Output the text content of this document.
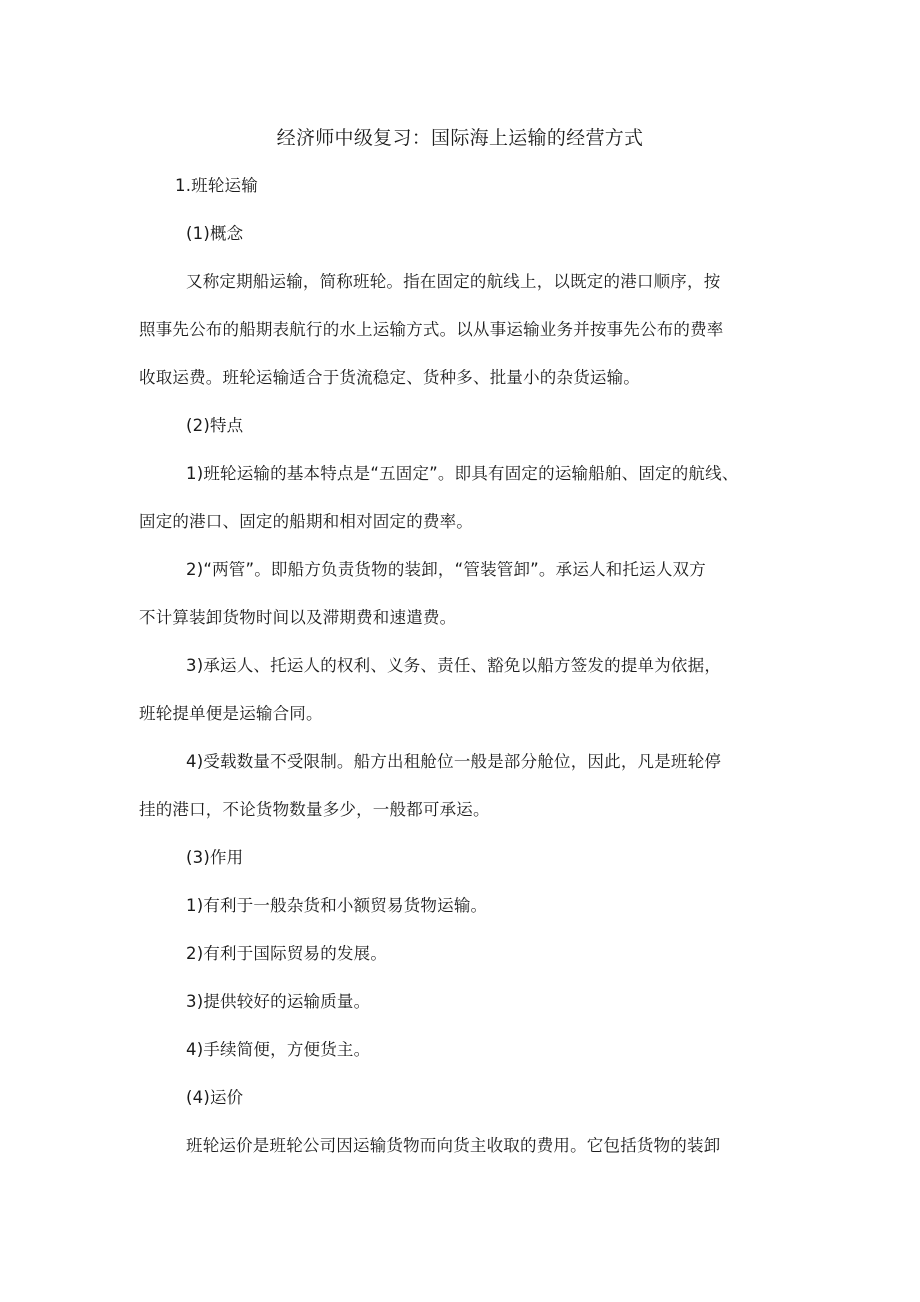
经济师中级复习：国际海上运输的经营方式
1.班轮运输
(1)概念
又称定期船运输，简称班轮。指在固定的航线上，以既定的港口顺序，按
照事先公布的船期表航行的水上运输方式。以从事运输业务并按事先公布的费率
收取运费。班轮运输适合于货流稳定、货种多、批量小的杂货运输。
(2)特点
1)班轮运输的基本特点是“五固定”。即具有固定的运输船舶、固定的航线、
固定的港口、固定的船期和相对固定的费率。
2)“两管”。即船方负责货物的装卸，“管装管卸”。承运人和托运人双方
不计算装卸货物时间以及滞期费和速遣费。
3)承运人、托运人的权利、义务、责任、豁免以船方签发的提单为依据，
班轮提单便是运输合同。
4)受载数量不受限制。船方出租舱位一般是部分舱位，因此，凡是班轮停
挂的港口，不论货物数量多少，一般都可承运。
(3)作用
1)有利于一般杂货和小额贸易货物运输。
2)有利于国际贸易的发展。
3)提供较好的运输质量。
4)手续简便，方便货主。
(4)运价
班轮运价是班轮公司因运输货物而向货主收取的费用。它包括货物的装卸
